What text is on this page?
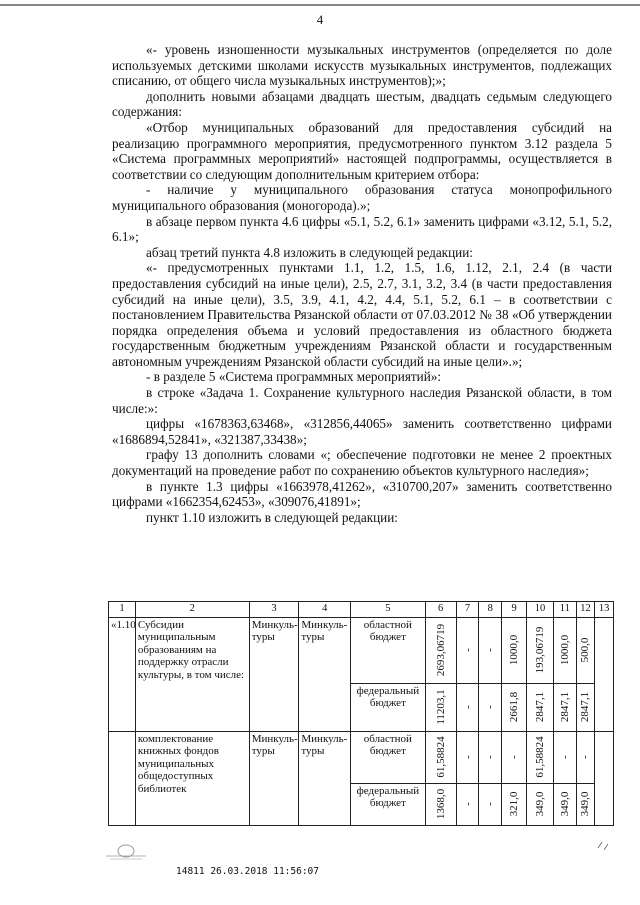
4

«- уровень изношенности музыкальных инструментов (определяется по доле используемых детскими школами искусств музыкальных инструментов, подлежащих списанию, от общего числа музыкальных инструментов);»;

дополнить новыми абзацами двадцать шестым, двадцать седьмым следующего содержания:

«Отбор муниципальных образований для предоставления субсидий на реализацию программного мероприятия, предусмотренного пунктом 3.12 раздела 5 «Система программных мероприятий» настоящей подпрограммы, осуществляется в соответствии со следующим дополнительным критерием отбора:

- наличие у муниципального образования статуса монопрофильного муниципального образования (моногорода).»;

в абзаце первом пункта 4.6 цифры «5.1, 5.2, 6.1» заменить цифрами «3.12, 5.1, 5.2, 6.1»;

абзац третий пункта 4.8 изложить в следующей редакции:

«- предусмотренных пунктами 1.1, 1.2, 1.5, 1.6, 1.12, 2.1, 2.4 (в части предоставления субсидий на иные цели), 2.5, 2.7, 3.1, 3.2, 3.4 (в части предоставления субсидий на иные цели), 3.5, 3.9, 4.1, 4.2, 4.4, 5.1, 5.2, 6.1 – в соответствии с постановлением Правительства Рязанской области от 07.03.2012 № 38 «Об утверждении порядка определения объема и условий предоставления из областного бюджета государственным бюджетным учреждениям Рязанской области и государственным автономным учреждениям Рязанской области субсидий на иные цели».»;

- в разделе 5 «Система программных мероприятий»:

в строке «Задача 1. Сохранение культурного наследия Рязанской области, в том числе:»:

цифры «1678363,63468», «312856,44065» заменить соответственно цифрами «1686894,52841», «321387,33438»;

графу 13 дополнить словами «; обеспечение подготовки не менее 2 проектных документаций на проведение работ по сохранению объектов культурного наследия»;

в пункте 1.3 цифры «1663978,41262», «310700,207» заменить соответственно цифрами «1662354,62453», «309076,41891»;

пункт 1.10 изложить в следующей редакции:

1	2	3	4	5	6	7	8	9	10	11	12	13
«1.10	Субсидии муниципальным образованиям на поддержку отрасли культуры, в том числе:	Минкуль-туры	Минкуль-туры	областной бюджет	2693,06719	-	-	1000,0	193,06719	1000,0	500,0	

				федеральный бюджет	11203,1	-	-	2661,8	2847,1	2847,1	2847,1	

	комплектование книжных фондов муниципальных общедоступных библиотек	Минкуль-туры	Минкуль-туры	областной бюджет	61,58824	-	-	-	61,58824	-	-	

				федеральный бюджет	1368,0	-	-	321,0	349,0	349,0	349,0	
14811 26.03.2018 11:56:07
